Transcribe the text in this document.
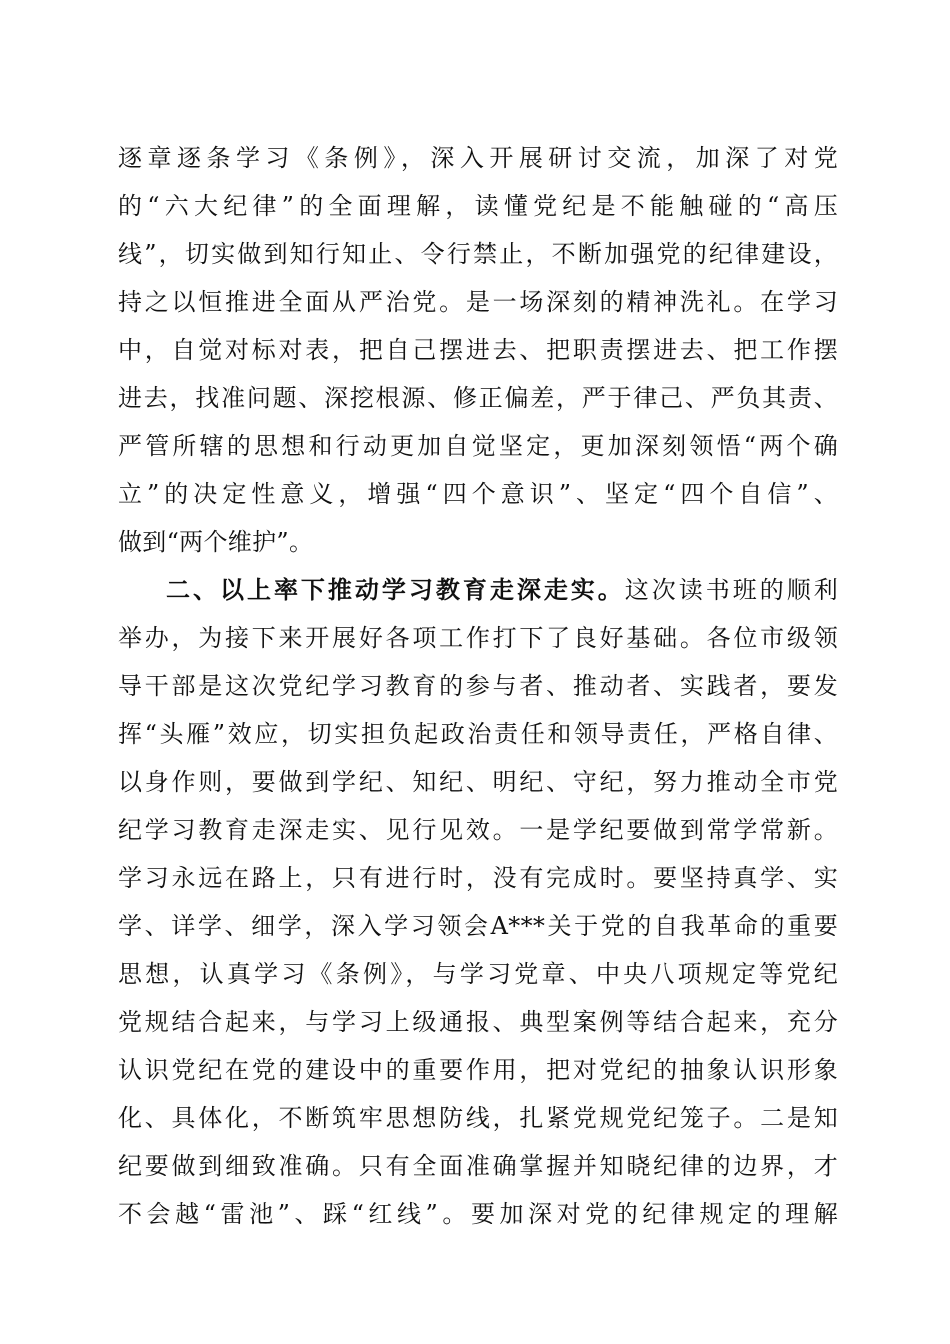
逐章逐条学习《条例》，深入开展研讨交流，加深了对党
的“六大纪律”的全面理解，读懂党纪是不能触碰的“高压
线”，切实做到知行知止、令行禁止，不断加强党的纪律建设，
持之以恒推进全面从严治党。是一场深刻的精神洗礼。在学习
中，自觉对标对表，把自己摆进去、把职责摆进去、把工作摆
进去，找准问题、深挖根源、修正偏差，严于律己、严负其责、
严管所辖的思想和行动更加自觉坚定，更加深刻领悟“两个确
立”的决定性意义，增强“四个意识”、坚定“四个自信”、
做到“两个维护”。
二、以上率下推动学习教育走深走实。这次读书班的顺利
举办，为接下来开展好各项工作打下了良好基础。各位市级领
导干部是这次党纪学习教育的参与者、推动者、实践者，要发
挥“头雁”效应，切实担负起政治责任和领导责任，严格自律、
以身作则，要做到学纪、知纪、明纪、守纪，努力推动全市党
纪学习教育走深走实、见行见效。一是学纪要做到常学常新。
学习永远在路上，只有进行时，没有完成时。要坚持真学、实
学、详学、细学，深入学习领会A***关于党的自我革命的重要
思想，认真学习《条例》，与学习党章、中央八项规定等党纪
党规结合起来，与学习上级通报、典型案例等结合起来，充分
认识党纪在党的建设中的重要作用，把对党纪的抽象认识形象
化、具体化，不断筑牢思想防线，扎紧党规党纪笼子。二是知
纪要做到细致准确。只有全面准确掌握并知晓纪律的边界，才
不会越“雷池”、踩“红线”。要加深对党的纪律规定的理解
